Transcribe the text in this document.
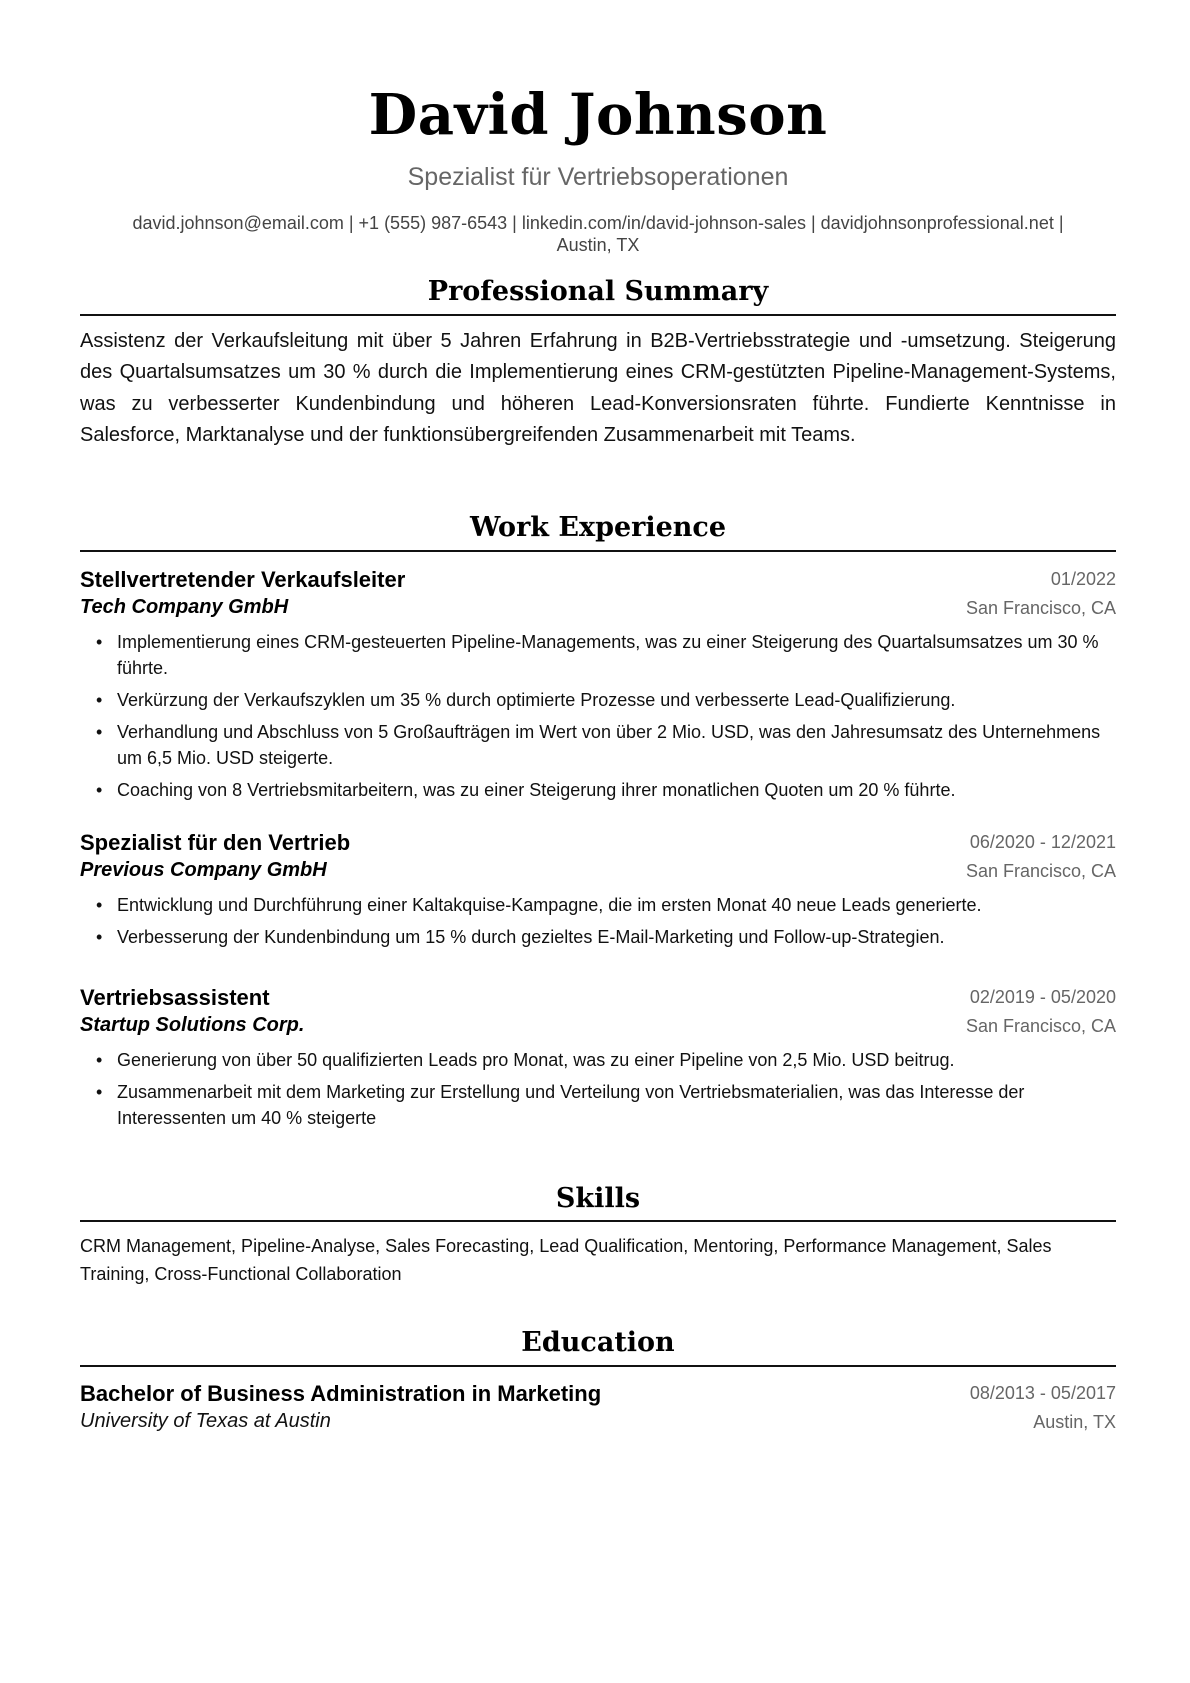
David Johnson
Spezialist für Vertriebsoperationen
david.johnson@email.com | +1 (555) 987-6543 | linkedin.com/in/david-johnson-sales | davidjohnsonprofessional.net |
Austin, TX
Professional Summary
Assistenz der Verkaufsleitung mit über 5 Jahren Erfahrung in B2B-Vertriebsstrategie und -umsetzung. Steigerung des Quartalsumsatzes um 30 % durch die Implementierung eines CRM-gestützten Pipeline-Management-Systems, was zu verbesserter Kundenbindung und höheren Lead-Konversionsraten führte. Fundierte Kenntnisse in Salesforce, Marktanalyse und der funktionsübergreifenden Zusammenarbeit mit Teams.
Work Experience
Stellvertretender Verkaufsleiter	01/2022
Tech Company GmbH	San Francisco, CA
• Implementierung eines CRM-gesteuerten Pipeline-Managements, was zu einer Steigerung des Quartalsumsatzes um 30 % führte.
• Verkürzung der Verkaufszyklen um 35 % durch optimierte Prozesse und verbesserte Lead-Qualifizierung.
• Verhandlung und Abschluss von 5 Großaufträgen im Wert von über 2 Mio. USD, was den Jahresumsatz des Unternehmens um 6,5 Mio. USD steigerte.
• Coaching von 8 Vertriebsmitarbeitern, was zu einer Steigerung ihrer monatlichen Quoten um 20 % führte.
Spezialist für den Vertrieb	06/2020 - 12/2021
Previous Company GmbH	San Francisco, CA
• Entwicklung und Durchführung einer Kaltakquise-Kampagne, die im ersten Monat 40 neue Leads generierte.
• Verbesserung der Kundenbindung um 15 % durch gezieltes E-Mail-Marketing und Follow-up-Strategien.
Vertriebsassistent	02/2019 - 05/2020
Startup Solutions Corp.	San Francisco, CA
• Generierung von über 50 qualifizierten Leads pro Monat, was zu einer Pipeline von 2,5 Mio. USD beitrug.
• Zusammenarbeit mit dem Marketing zur Erstellung und Verteilung von Vertriebsmaterialien, was das Interesse der Interessenten um 40 % steigerte
Skills
CRM Management, Pipeline-Analyse, Sales Forecasting, Lead Qualification, Mentoring, Performance Management, Sales Training, Cross-Functional Collaboration
Education
Bachelor of Business Administration in Marketing	08/2013 - 05/2017
University of Texas at Austin	Austin, TX
